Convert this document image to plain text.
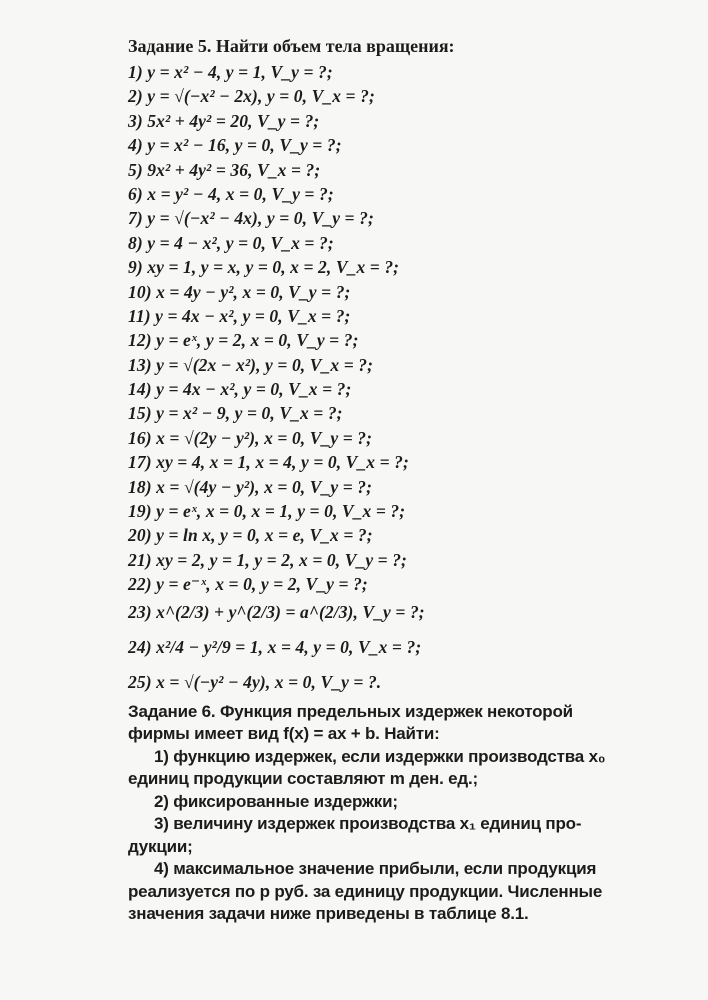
Задание 5. Найти объем тела вращения:
1) y = x² − 4, y = 1, V_y = ?;
2) y = √(−x² − 2x), y = 0, V_x = ?;
3) 5x² + 4y² = 20, V_y = ?;
4) y = x² − 16, y = 0, V_y = ?;
5) 9x² + 4y² = 36, V_x = ?;
6) x = y² − 4, x = 0, V_y = ?;
7) y = √(−x² − 4x), y = 0, V_y = ?;
8) y = 4 − x², y = 0, V_x = ?;
9) xy = 1, y = x, y = 0, x = 2, V_x = ?;
10) x = 4y − y², x = 0, V_y = ?;
11) y = 4x − x², y = 0, V_x = ?;
12) y = eˣ, y = 2, x = 0, V_y = ?;
13) y = √(2x − x²), y = 0, V_x = ?;
14) y = 4x − x², y = 0, V_x = ?;
15) y = x² − 9, y = 0, V_x = ?;
16) x = √(2y − y²), x = 0, V_y = ?;
17) xy = 4, x = 1, x = 4, y = 0, V_x = ?;
18) x = √(4y − y²), x = 0, V_y = ?;
19) y = eˣ, x = 0, x = 1, y = 0, V_x = ?;
20) y = ln x, y = 0, x = e, V_x = ?;
21) xy = 2, y = 1, y = 2, x = 0, V_y = ?;
22) y = e⁻ˣ, x = 0, y = 2, V_y = ?;
23) x^(2/3) + y^(2/3) = a^(2/3), V_y = ?;
24) x²/4 − y²/9 = 1, x = 4, y = 0, V_x = ?;
25) x = √(−y² − 4y), x = 0, V_y = ?.
Задание 6. Функция предельных издержек некоторой

фирмы имеет вид f(x) = ax + b. Найти:

1) функцию издержек, если издержки производства x₀

единиц продукции составляют m ден. ед.;

2) фиксированные издержки;

3) величину издержек производства x₁ единиц про-

дукции;

4) максимальное значение прибыли, если продукция

реализуется по p руб. за единицу продукции. Численные
значения задачи ниже приведены в таблице 8.1.
